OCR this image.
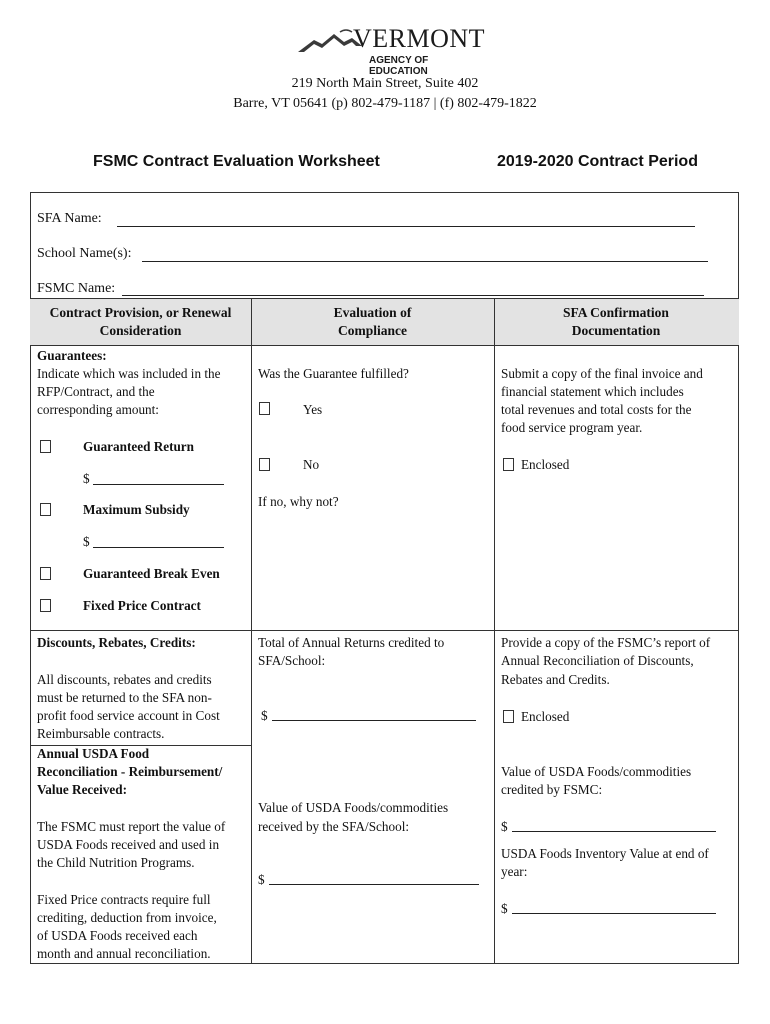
VERMONT
AGENCY OF EDUCATION
219 North Main Street, Suite 402
Barre, VT 05641 (p) 802-479-1187 | (f) 802-479-1822
FSMC Contract Evaluation Worksheet	2019-2020 Contract Period
SFA Name:
School Name(s):
FSMC Name:
Contract Provision, or Renewal
Consideration
Evaluation of
Compliance
SFA Confirmation
Documentation
Guarantees:
Indicate which was included in the
RFP/Contract, and the
corresponding amount:
Guaranteed Return
$
Maximum Subsidy
$
Guaranteed Break Even
Fixed Price Contract
Was the Guarantee fulfilled?
Yes
No
If no, why not?
Submit a copy of the final invoice and
financial statement which includes
total revenues and total costs for the
food service program year.
Enclosed
Discounts, Rebates, Credits:
All discounts, rebates and credits
must be returned to the SFA non-
profit food service account in Cost
Reimbursable contracts.
Total of Annual Returns credited to
SFA/School:
$
Provide a copy of the FSMC’s report of
Annual Reconciliation of Discounts,
Rebates and Credits.
Enclosed
Annual USDA Food
Reconciliation - Reimbursement/
Value Received:
The FSMC must report the value of
USDA Foods received and used in
the Child Nutrition Programs.
Fixed Price contracts require full
crediting, deduction from invoice,
of USDA Foods received each
month and annual reconciliation.
Value of USDA Foods/commodities
received by the SFA/School:
$
Value of USDA Foods/commodities
credited by FSMC:
$
USDA Foods Inventory Value at end of
year:
$
